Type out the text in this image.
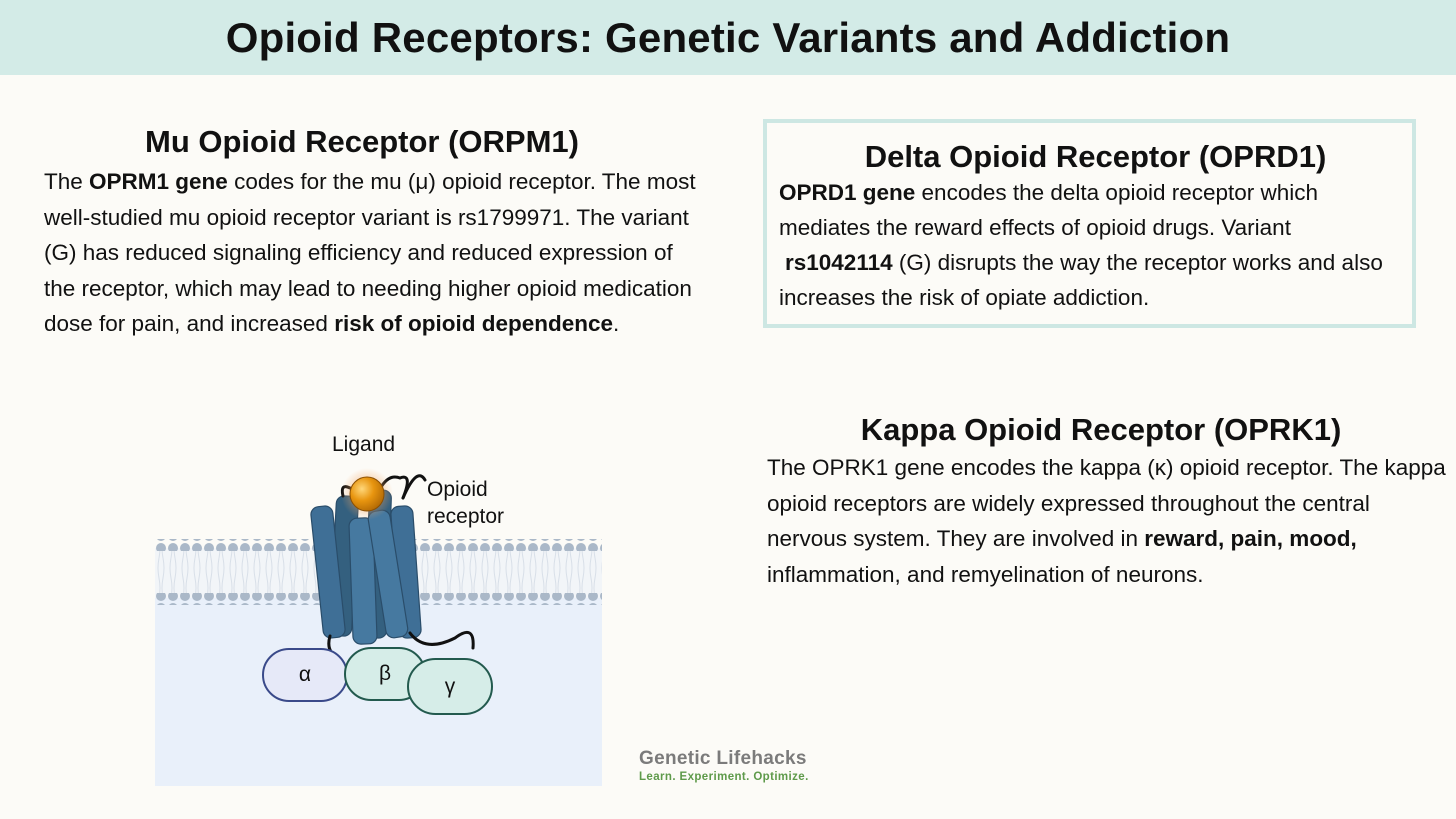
Opioid Receptors: Genetic Variants and Addiction
Mu Opioid Receptor (ORPM1)

The OPRM1 gene codes for the mu (μ) opioid receptor. The most well-studied mu opioid receptor variant is rs1799971. The variant (G) has reduced signaling efficiency and reduced expression of the receptor, which may lead to needing higher opioid medication dose for pain, and increased risk of opioid dependence.

Delta Opioid Receptor (OPRD1)

OPRD1 gene encodes the delta opioid receptor which mediates the reward effects of opioid drugs. Variant
rs1042114 (G) disrupts the way the receptor works and also increases the risk of opiate addiction.

Kappa Opioid Receptor (OPRK1)

The OPRK1 gene encodes the kappa (κ) opioid receptor. The kappa opioid receptors are widely expressed throughout the central nervous system. They are involved in reward, pain, mood, inflammation, and remyelination of neurons.

Ligand
Opioid receptor
α	β
γ
Genetic Lifehacks
Learn. Experiment. Optimize.
